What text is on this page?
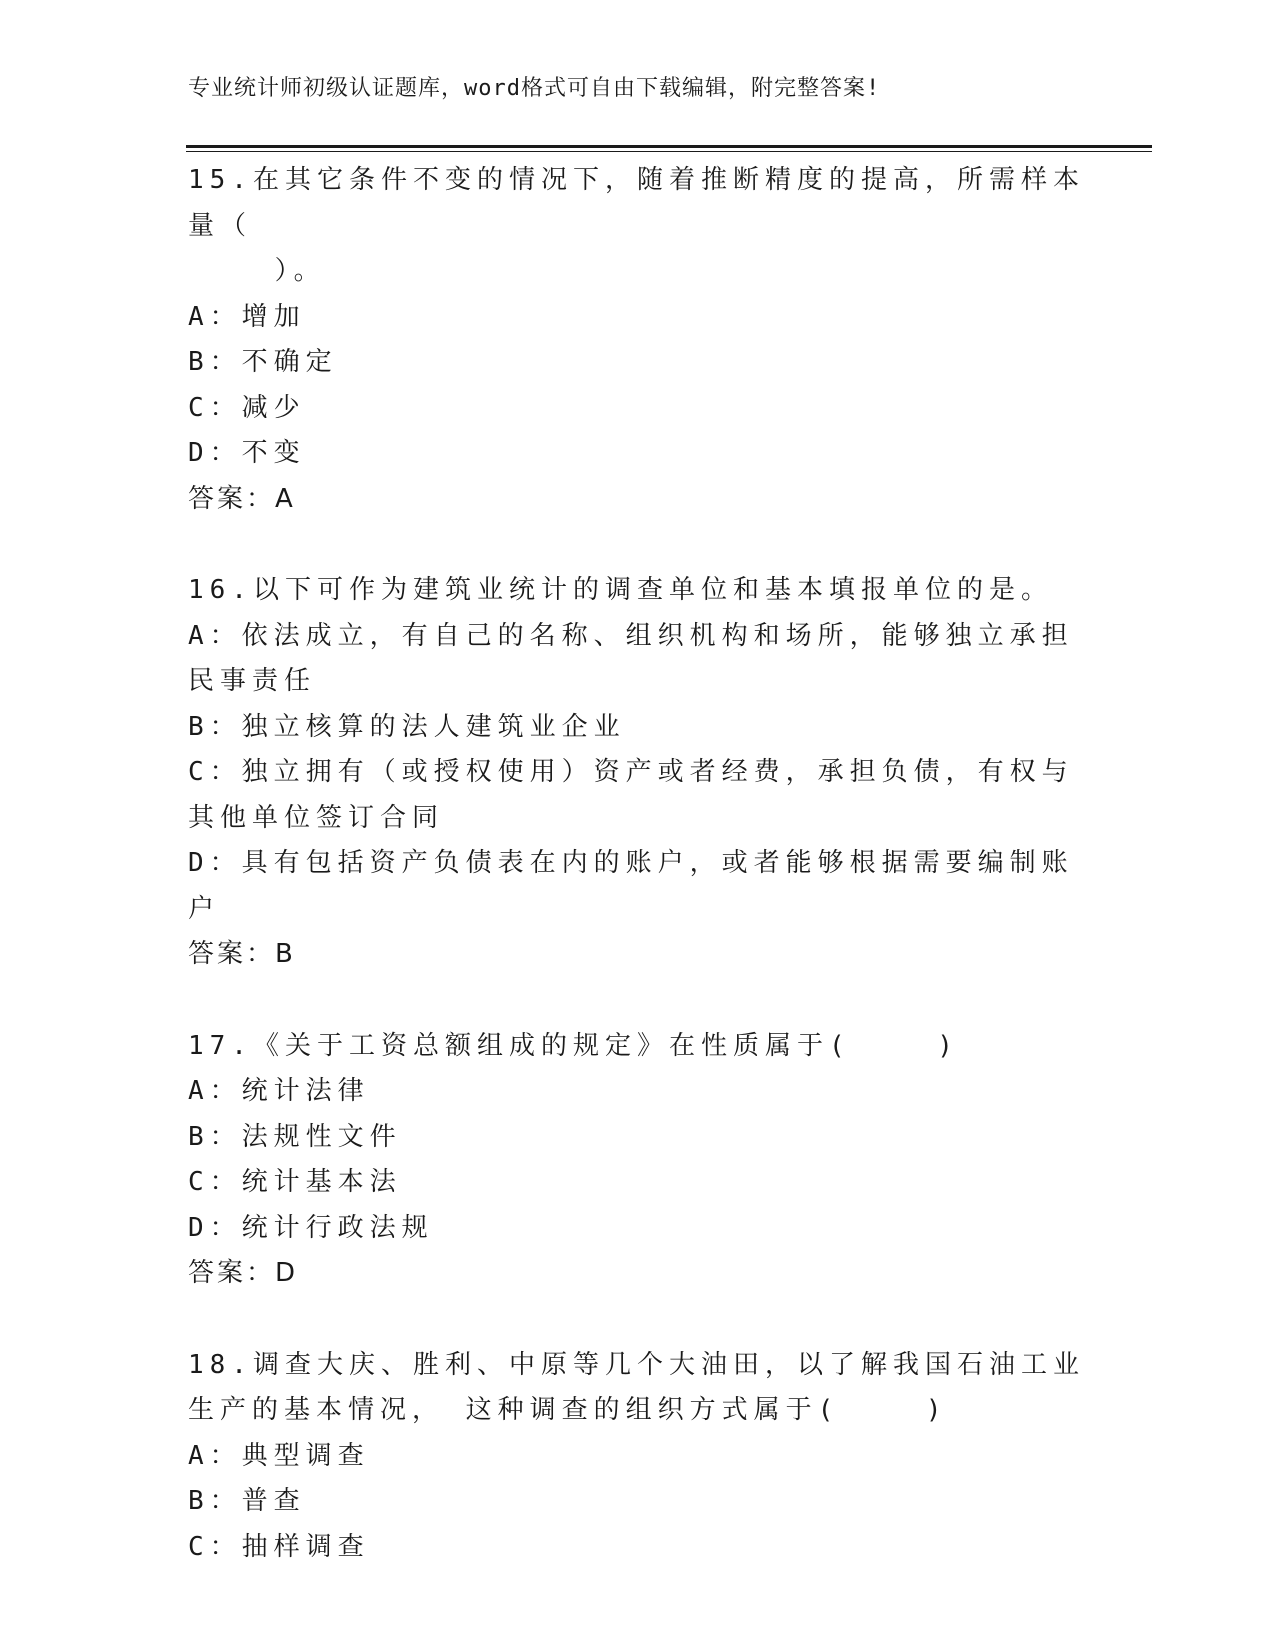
专业统计师初级认证题库，word格式可自由下载编辑，附完整答案!
15.在其它条件不变的情况下，随着推断精度的提高，所需样本量（
）。
A：增加
B：不确定
C：减少
D：不变
答案：A
16.以下可作为建筑业统计的调查单位和基本填报单位的是。
A：依法成立，有自己的名称、组织机构和场所，能够独立承担民事责任
B：独立核算的法人建筑业企业
C：独立拥有（或授权使用）资产或者经费，承担负债，有权与其他单位签订合同
D：具有包括资产负债表在内的账户，或者能够根据需要编制账户
答案：B
17.《关于工资总额组成的规定》在性质属于(    )
A：统计法律
B：法规性文件
C：统计基本法
D：统计行政法规
答案：D
18.调查大庆、胜利、中原等几个大油田，以了解我国石油工业生产的基本情况， 这种调查的组织方式属于(    )
A：典型调查
B：普查
C：抽样调查
